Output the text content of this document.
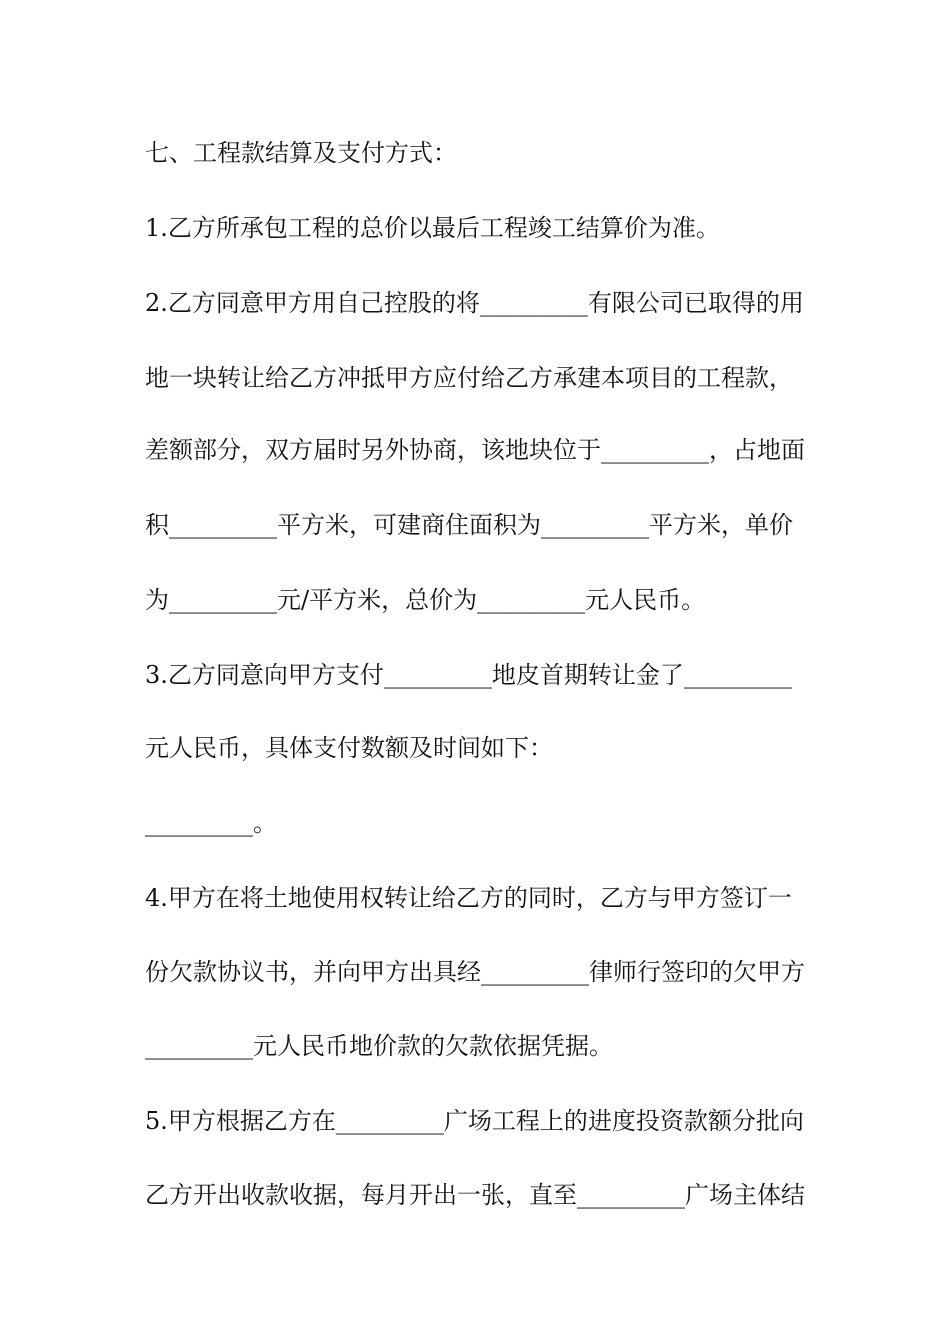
七、工程款结算及支付方式：
1.乙方所承包工程的总价以最后工程竣工结算价为准。
2.乙方同意甲方用自己控股的将_________有限公司已取得的用
地一块转让给乙方冲抵甲方应付给乙方承建本项目的工程款，
差额部分，双方届时另外协商，该地块位于_________，占地面
积_________平方米，可建商住面积为_________平方米，单价
为_________元/平方米，总价为_________元人民币。
3.乙方同意向甲方支付_________地皮首期转让金了_________
元人民币，具体支付数额及时间如下：
_________。
4.甲方在将土地使用权转让给乙方的同时，乙方与甲方签订一
份欠款协议书，并向甲方出具经_________律师行签印的欠甲方
_________元人民币地价款的欠款依据凭据。
5.甲方根据乙方在_________广场工程上的进度投资款额分批向
乙方开出收款收据，每月开出一张，直至_________广场主体结
